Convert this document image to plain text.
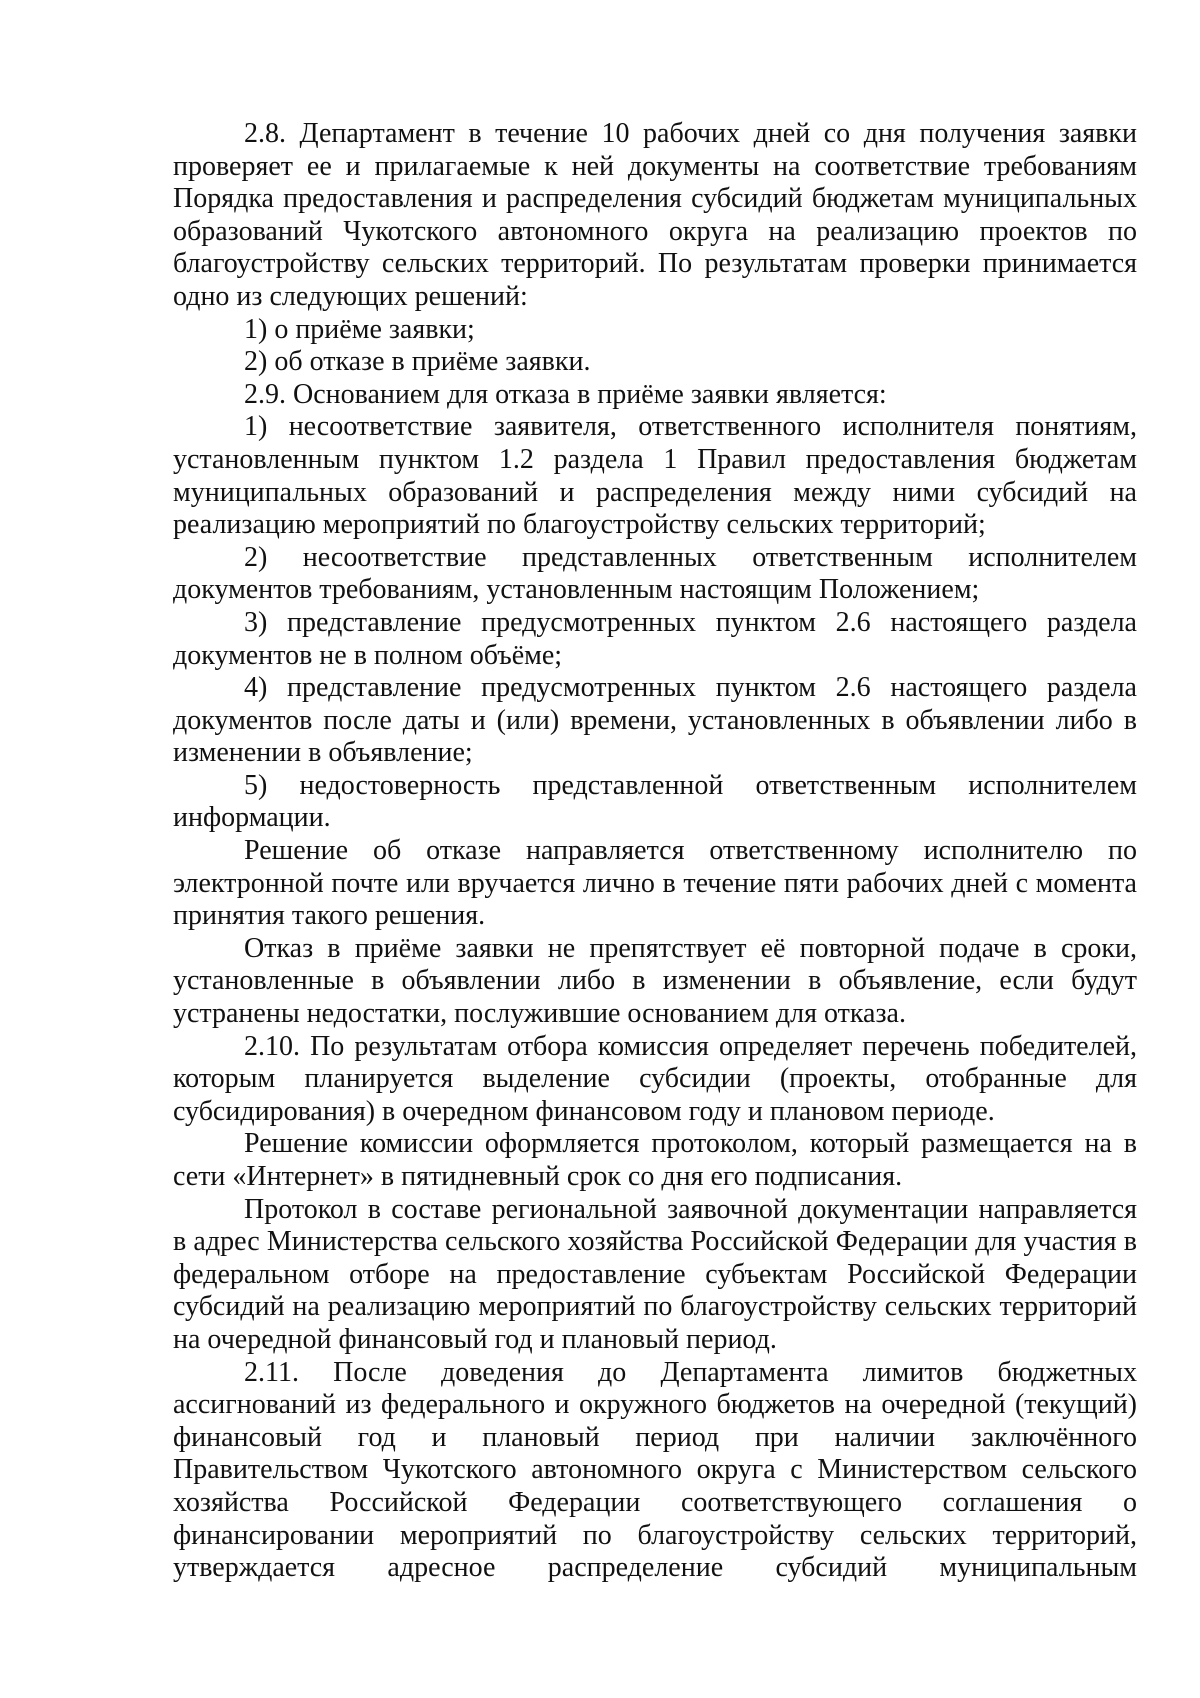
2.8. Департамент в течение 10 рабочих дней со дня получения заявки проверяет ее и прилагаемые к ней документы на соответствие требованиям Порядка предоставления и распределения субсидий бюджетам муниципальных образований Чукотского автономного округа на реализацию проектов по благоустройству сельских территорий. По результатам проверки принимается одно из следующих решений:

1) о приёме заявки;

2) об отказе в приёме заявки.

2.9. Основанием для отказа в приёме заявки является:

1) несоответствие заявителя, ответственного исполнителя понятиям, установленным пунктом 1.2 раздела 1 Правил предоставления бюджетам муниципальных образований и распределения между ними субсидий на реализацию мероприятий по благоустройству сельских территорий;

2) несоответствие представленных ответственным исполнителем документов требованиям, установленным настоящим Положением;

3) представление предусмотренных пунктом 2.6 настоящего раздела документов не в полном объёме;

4) представление предусмотренных пунктом 2.6 настоящего раздела документов после даты и (или) времени, установленных в объявлении либо в изменении в объявление;

5) недостоверность представленной ответственным исполнителем информации.

Решение об отказе направляется ответственному исполнителю по электронной почте или вручается лично в течение пяти рабочих дней с момента принятия такого решения.

Отказ в приёме заявки не препятствует её повторной подаче в сроки, установленные в объявлении либо в изменении в объявление, если будут устранены недостатки, послужившие основанием для отказа.

2.10. По результатам отбора комиссия определяет перечень победителей, которым планируется выделение субсидии (проекты, отобранные для субсидирования) в очередном финансовом году и плановом периоде.

Решение комиссии оформляется протоколом, который размещается на в сети «Интернет» в пятидневный срок со дня его подписания.

Протокол в составе региональной заявочной документации направляется в адрес Министерства сельского хозяйства Российской Федерации для участия в федеральном отборе на предоставление субъектам Российской Федерации субсидий на реализацию мероприятий по благоустройству сельских территорий на очередной финансовый год и плановый период.

2.11. После доведения до Департамента лимитов бюджетных ассигнований из федерального и окружного бюджетов на очередной (текущий) финансовый год и плановый период при наличии заключённого Правительством Чукотского автономного округа с Министерством сельского хозяйства Российской Федерации соответствующего соглашения о финансировании мероприятий по благоустройству сельских территорий, утверждается адресное распределение субсидий муниципальным
